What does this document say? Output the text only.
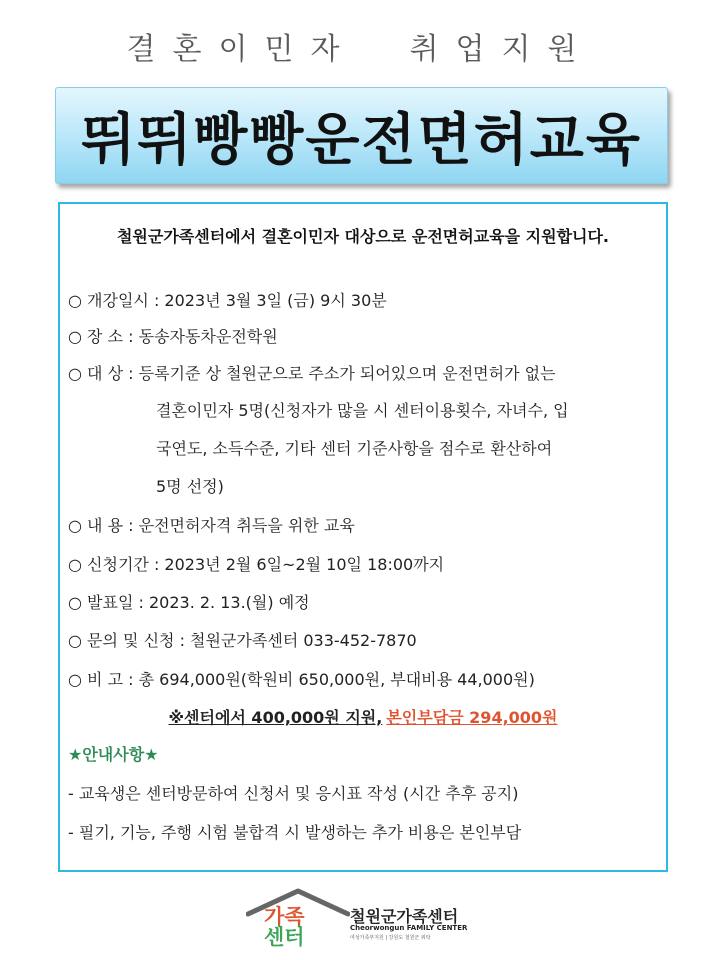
결혼이민자  취업지원
뛰뛰빵빵운전면허교육
철원군가족센터에서 결혼이민자 대상으로 운전면허교육을 지원합니다.
○ 개강일시 : 2023년 3월 3일 (금) 9시 30분
○ 장 소 : 동송자동차운전학원
○ 대 상 : 등록기준 상 철원군으로 주소가 되어있으며 운전면허가 없는
결혼이민자 5명(신청자가 많을 시 센터이용횟수, 자녀수, 입
국연도, 소득수준, 기타 센터 기준사항을 점수로 환산하여
5명 선정)
○ 내 용 : 운전면허자격 취득을 위한 교육
○ 신청기간 : 2023년 2월 6일~2월 10일 18:00까지
○ 발표일 : 2023. 2. 13.(월) 예정
○ 문의 및 신청 : 철원군가족센터 033-452-7870
○ 비 고 : 총 694,000원(학원비 650,000원, 부대비용 44,000원)
※센터에서 400,000원 지원, 본인부담금 294,000원
★안내사항★
- 교육생은 센터방문하여 신청서 및 응시표 작성 (시간 추후 공지)
- 필기, 기능, 주행 시험 불합격 시 발생하는 추가 비용은 본인부담
가족
센터
철원군가족센터
Cheorwongun FAMILY CENTER
여성가족부지원 | 강원도 철원군 위탁
